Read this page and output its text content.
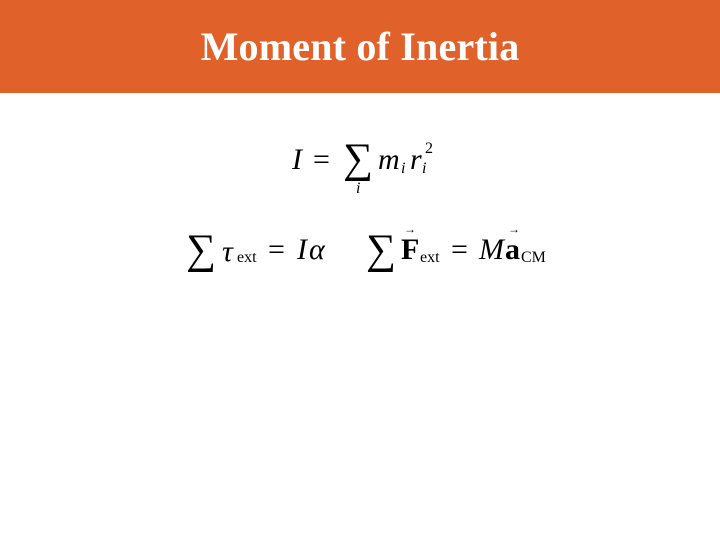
Moment of Inertia
I = ∑
i
m i r i
2
∑ τ ext = I α ∑ →
F ext = M
→
a CM
